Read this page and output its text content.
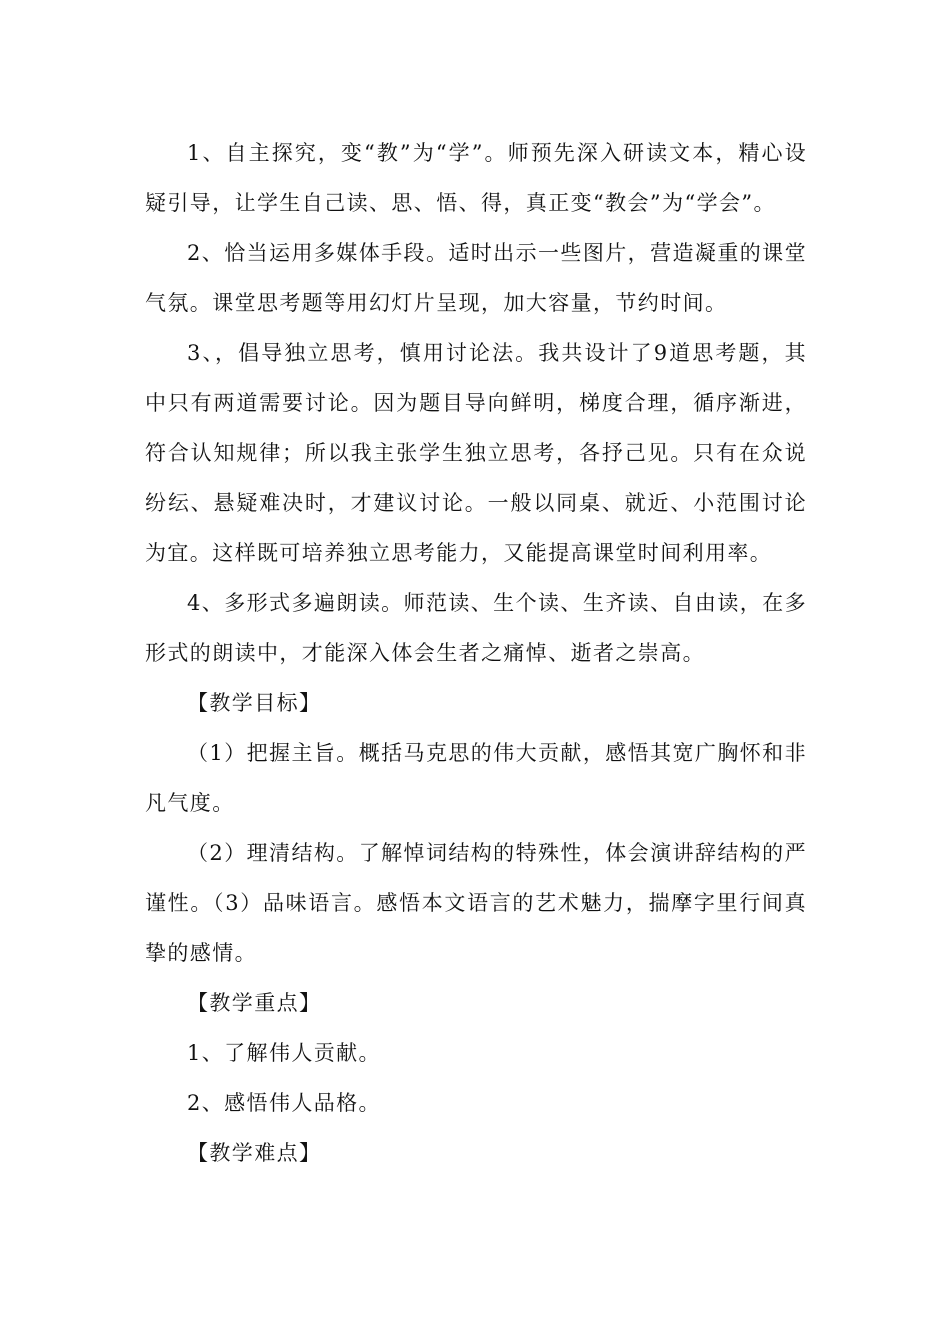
1、自主探究，变“教”为“学”。师预先深入研读文本，精心设疑引导，让学生自己读、思、悟、得，真正变“教会”为“学会”。

2、恰当运用多媒体手段。适时出示一些图片，营造凝重的课堂气氛。课堂思考题等用幻灯片呈现，加大容量，节约时间。

3、，倡导独立思考，慎用讨论法。我共设计了9道思考题，其中只有两道需要讨论。因为题目导向鲜明，梯度合理，循序渐进，符合认知规律；所以我主张学生独立思考，各抒己见。只有在众说纷纭、悬疑难决时，才建议讨论。一般以同桌、就近、小范围讨论为宜。这样既可培养独立思考能力，又能提高课堂时间利用率。

4、多形式多遍朗读。师范读、生个读、生齐读、自由读，在多形式的朗读中，才能深入体会生者之痛悼、逝者之崇高。

【教学目标】

（1）把握主旨。概括马克思的伟大贡献，感悟其宽广胸怀和非凡气度。

（2）理清结构。了解悼词结构的特殊性，体会演讲辞结构的严谨性。（3）品味语言。感悟本文语言的艺术魅力，揣摩字里行间真挚的感情。

【教学重点】

1、了解伟人贡献。

2、感悟伟人品格。

【教学难点】
